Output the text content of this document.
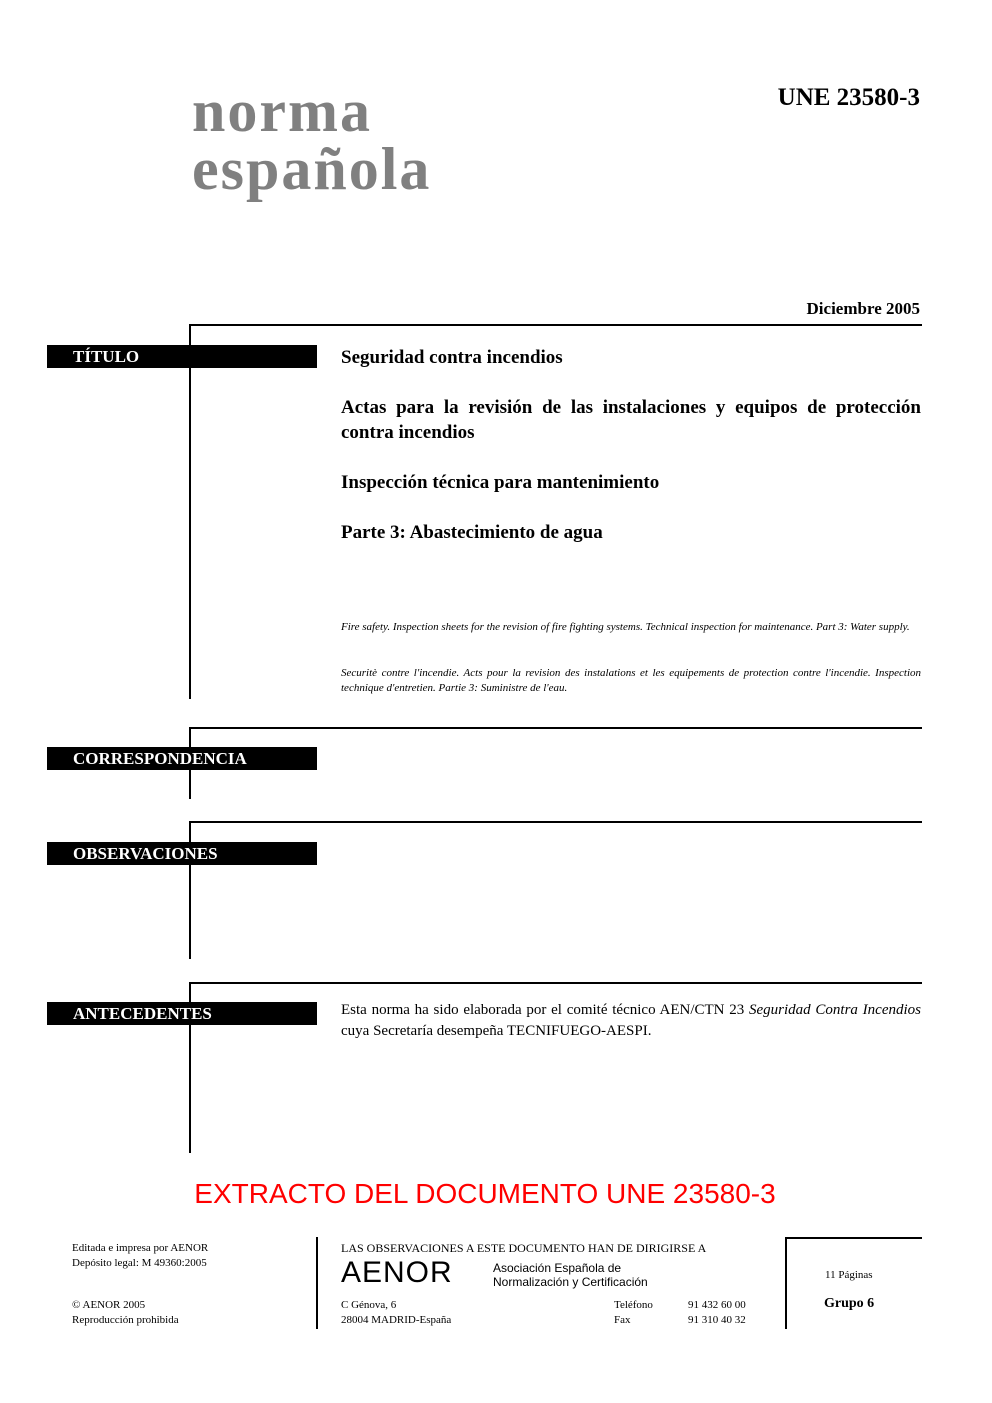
norma
española
UNE 23580-3
Diciembre 2005
TÍTULO	Seguridad contra incendios
Actas para la revisión de las instalaciones y equipos de protección contra incendios
Inspección técnica para mantenimiento
Parte 3: Abastecimiento de agua
Fire safety. Inspection sheets for the revision of fire fighting systems. Technical inspection for maintenance. Part 3: Water supply.
Securitè contre l'incendie. Acts pour la revision des instalations et les equipements de protection contre l'incendie. Inspection technique d'entretien. Partie 3: Suministre de l'eau.
CORRESPONDENCIA
OBSERVACIONES
ANTECEDENTES	Esta norma ha sido elaborada por el comité técnico AEN/CTN 23 Seguridad Contra Incendios cuya Secretaría desempeña TECNIFUEGO-AESPI.
EXTRACTO DEL DOCUMENTO UNE 23580-3
Editada e impresa por AENOR
Depósito legal: M 49360:2005
© AENOR 2005
Reproducción prohibida
LAS OBSERVACIONES A ESTE DOCUMENTO HAN DE DIRIGIRSE A
AENOR	Asociación Española de
Normalización y Certificación
C Génova, 6
28004 MADRID-España
Teléfono	91 432 60 00
Fax	91 310 40 32
11 Páginas
Grupo 6
